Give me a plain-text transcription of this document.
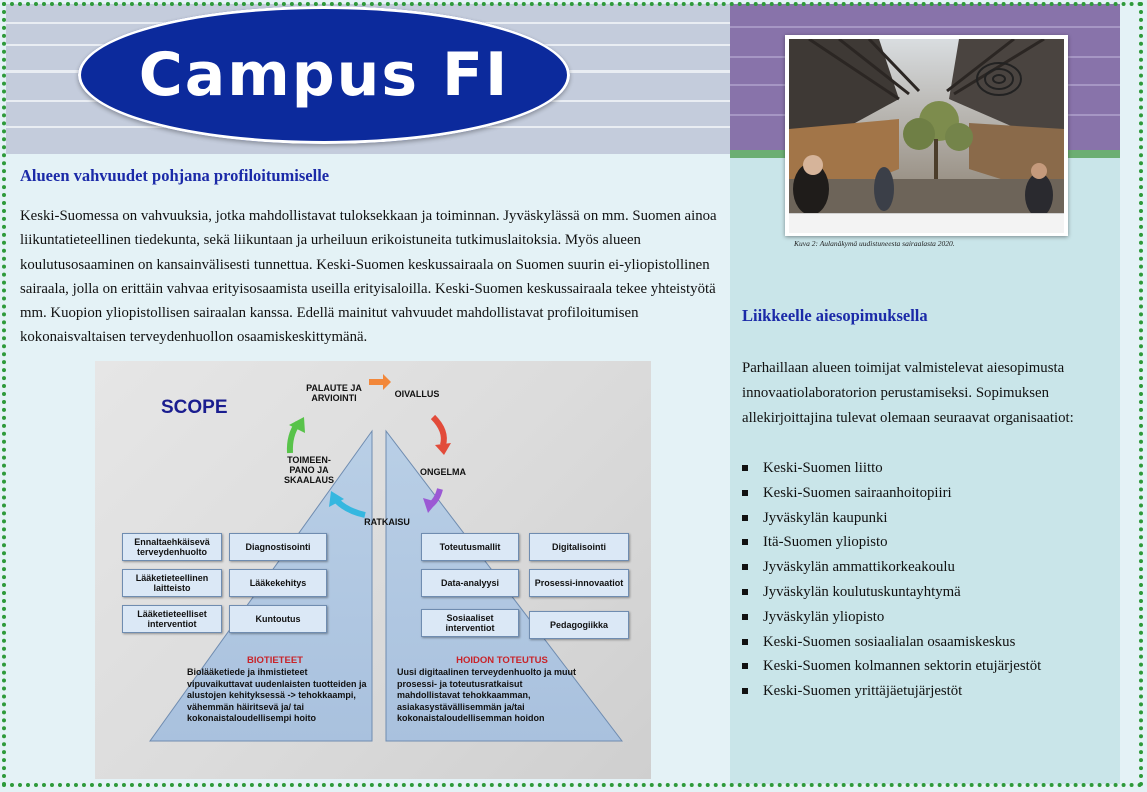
Campus FI
Alueen vahvuudet pohjana profiloitumiselle

Keski-Suomessa on vahvuuksia, jotka mahdollistavat tuloksekkaan ja toiminnan. Jyväskylässä on mm. Suomen ainoa liikuntatieteellinen tiedekunta, sekä liikuntaan ja urheiluun erikoistuneita tutkimuslaitoksia. Myös alueen koulutusosaaminen on kansainvälisesti tunnettua. Keski-Suomen keskussairaala on Suomen suurin ei-yliopistollinen sairaala, jolla on erittäin vahvaa erityisosaamista useilla erityisaloilla. Keski-Suomen keskussairaala tekee yhteistyötä mm. Kuopion yliopistollisen sairaalan kanssa. Edellä mainitut vahvuudet mahdollistavat profiloitumisen kokonaisvaltaisen terveydenhuollon osaamiskeskittymänä.

SCOPE
PALAUTE JA ARVIOINTI	OIVALLUS
ONGELMA
RATKAISU
TOIMEEN-PANO JA SKAALAUS
Ennaltaehkäisevä terveydenhuolto	Diagnostisointi
Lääketieteellinen laitteisto	Lääkekehitys
Lääketieteelliset interventiot	Kuntoutus
Toteutusmallit	Digitalisointi
Data-analyysi	Prosessi-innovaatiot
Sosiaaliset interventiot	Pedagogiikka
BIOTIETEET
Biolääketiede ja ihmistieteet vipuvaikuttavat uudenlaisten tuotteiden ja alustojen kehityksessä -> tehokkaampi, vähemmän häiritsevä ja/ tai kokonaistaloudellisempi hoito
HOIDON TOTEUTUS
Uusi digitaalinen terveydenhuolto ja muut prosessi- ja toteutusratkaisut mahdollistavat tehokkaamman, asiakasystävällisemmän ja/tai kokonaistaloudellisemman hoidon
Kuva 2: Aulanäkymä uudistuneesta sairaalasta 2020.
Liikkeelle aiesopimuksella

Parhaillaan alueen toimijat valmistelevat aiesopimusta innovaatiolaboratorion perustamiseksi. Sopimuksen allekirjoittajina tulevat olemaan seuraavat organisaatiot:

Keski-Suomen liitto
Keski-Suomen sairaanhoitopiiri
Jyväskylän kaupunki
Itä-Suomen yliopisto
Jyväskylän ammattikorkeakoulu
Jyväskylän koulutuskuntayhtymä
Jyväskylän yliopisto
Keski-Suomen sosiaalialan osaamiskeskus
Keski-Suomen kolmannen sektorin etujärjestöt
Keski-Suomen yrittäjäetujärjestöt
